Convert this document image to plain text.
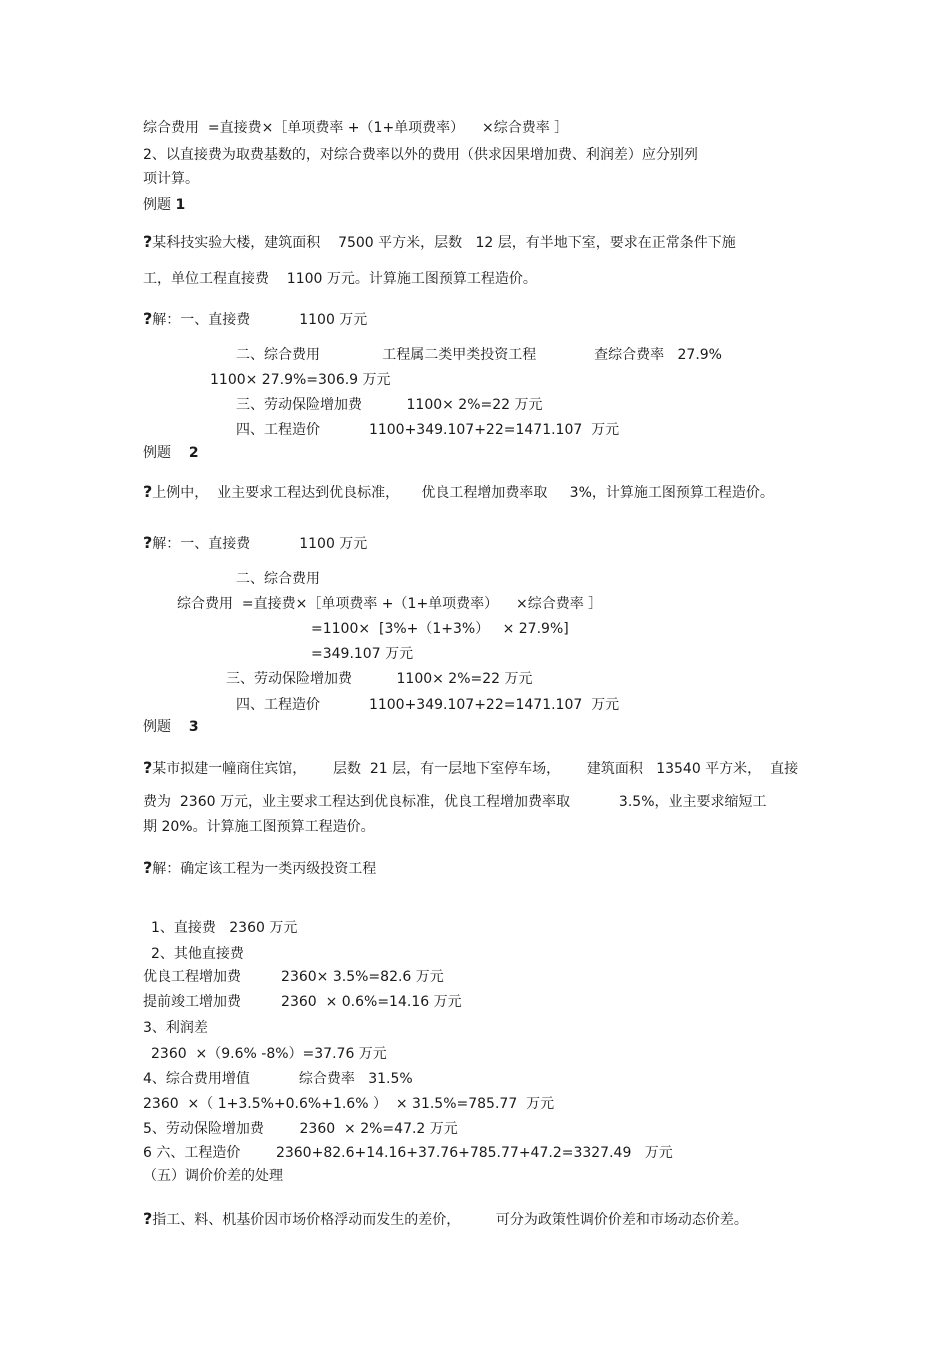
综合费用  =直接费×［单项费率 +（1+单项费率）    ×综合费率 ］
2、以直接费为取费基数的，对综合费率以外的费用（供求因果增加费、利润差）应分别列
项计算。
例题 1
?某科技实验大楼，建筑面积    7500 平方米，层数   12 层，有半地下室，要求在正常条件下施
工，单位工程直接费    1100 万元。计算施工图预算工程造价。
?解：一、直接费           1100 万元
二、综合费用              工程属二类甲类投资工程             查综合费率   27.9%
1100× 27.9%=306.9 万元
三、劳动保险增加费          1100× 2%=22 万元
四、工程造价           1100+349.107+22=1471.107  万元
例题 2
?上例中，  业主要求工程达到优良标准，     优良工程增加费率取     3%，计算施工图预算工程造价。
?解：一、直接费           1100 万元
二、综合费用
综合费用  =直接费×［单项费率 +（1+单项费率）    ×综合费率 ］
=1100×  [3%+（1+3%）   × 27.9%]
=349.107 万元
三、劳动保险增加费          1100× 2%=22 万元
四、工程造价           1100+349.107+22=1471.107  万元
例题 3
?某市拟建一幢商住宾馆，      层数  21 层，有一层地下室停车场，      建筑面积   13540 平方米，  直接
费为  2360 万元，业主要求工程达到优良标准，优良工程增加费率取           3.5%，业主要求缩短工
期 20%。计算施工图预算工程造价。
?解：确定该工程为一类丙级投资工程
1、直接费   2360 万元
2、其他直接费
优良工程增加费         2360× 3.5%=82.6 万元
提前竣工增加费         2360  × 0.6%=14.16 万元
3、利润差
2360  ×（9.6% -8%）=37.76 万元
4、综合费用增值           综合费率   31.5%
2360  ×（ 1+3.5%+0.6%+1.6% ）  × 31.5%=785.77  万元
5、劳动保险增加费        2360  × 2%=47.2 万元
6 六、工程造价        2360+82.6+14.16+37.76+785.77+47.2=3327.49   万元
（五）调价价差的处理
?指工、料、机基价因市场价格浮动而发生的差价，        可分为政策性调价价差和市场动态价差。
